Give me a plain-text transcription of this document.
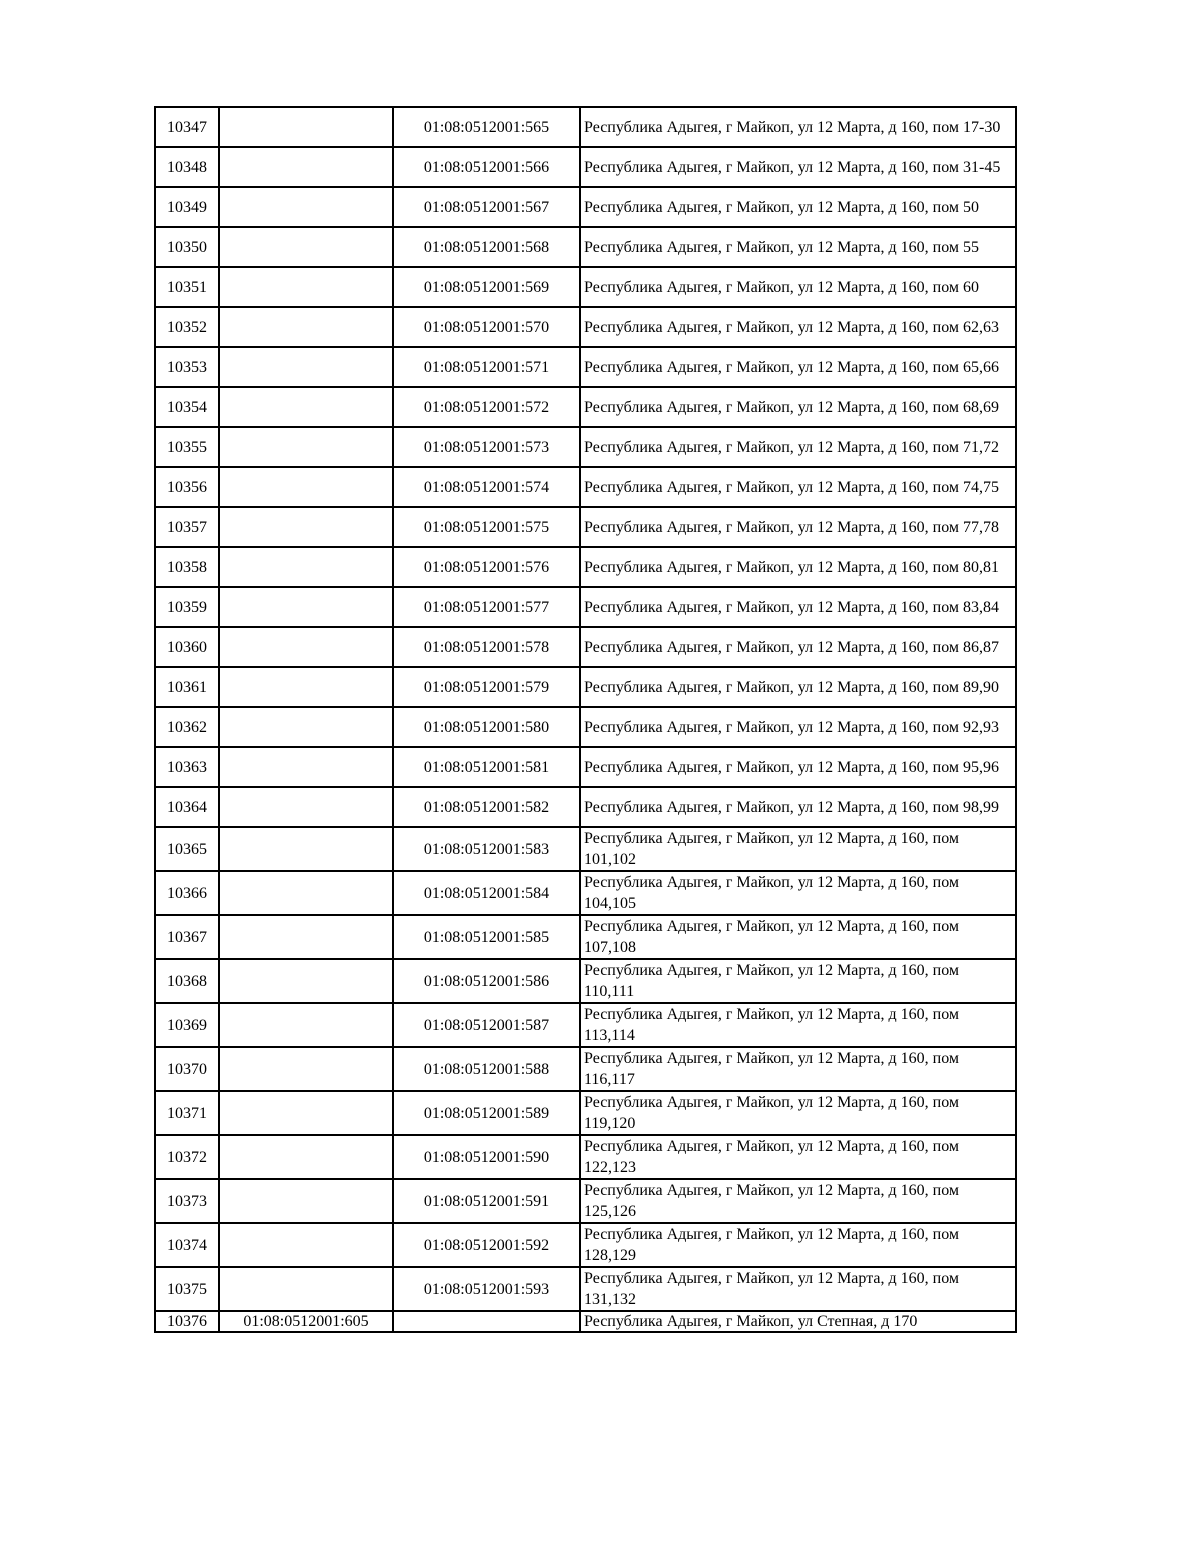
10347		01:08:0512001:565	Республика Адыгея, г Майкоп, ул 12 Марта, д 160, пом 17-30
10348		01:08:0512001:566	Республика Адыгея, г Майкоп, ул 12 Марта, д 160, пом 31-45
10349		01:08:0512001:567	Республика Адыгея, г Майкоп, ул 12 Марта, д 160, пом 50
10350		01:08:0512001:568	Республика Адыгея, г Майкоп, ул 12 Марта, д 160, пом 55
10351		01:08:0512001:569	Республика Адыгея, г Майкоп, ул 12 Марта, д 160, пом 60
10352		01:08:0512001:570	Республика Адыгея, г Майкоп, ул 12 Марта, д 160, пом 62,63
10353		01:08:0512001:571	Республика Адыгея, г Майкоп, ул 12 Марта, д 160, пом 65,66
10354		01:08:0512001:572	Республика Адыгея, г Майкоп, ул 12 Марта, д 160, пом 68,69
10355		01:08:0512001:573	Республика Адыгея, г Майкоп, ул 12 Марта, д 160, пом 71,72
10356		01:08:0512001:574	Республика Адыгея, г Майкоп, ул 12 Марта, д 160, пом 74,75
10357		01:08:0512001:575	Республика Адыгея, г Майкоп, ул 12 Марта, д 160, пом 77,78
10358		01:08:0512001:576	Республика Адыгея, г Майкоп, ул 12 Марта, д 160, пом 80,81
10359		01:08:0512001:577	Республика Адыгея, г Майкоп, ул 12 Марта, д 160, пом 83,84
10360		01:08:0512001:578	Республика Адыгея, г Майкоп, ул 12 Марта, д 160, пом 86,87
10361		01:08:0512001:579	Республика Адыгея, г Майкоп, ул 12 Марта, д 160, пом 89,90
10362		01:08:0512001:580	Республика Адыгея, г Майкоп, ул 12 Марта, д 160, пом 92,93
10363		01:08:0512001:581	Республика Адыгея, г Майкоп, ул 12 Марта, д 160, пом 95,96
10364		01:08:0512001:582	Республика Адыгея, г Майкоп, ул 12 Марта, д 160, пом 98,99
10365		01:08:0512001:583	Республика Адыгея, г Майкоп, ул 12 Марта, д 160, пом 101,102
10366		01:08:0512001:584	Республика Адыгея, г Майкоп, ул 12 Марта, д 160, пом 104,105
10367		01:08:0512001:585	Республика Адыгея, г Майкоп, ул 12 Марта, д 160, пом 107,108
10368		01:08:0512001:586	Республика Адыгея, г Майкоп, ул 12 Марта, д 160, пом 110,111
10369		01:08:0512001:587	Республика Адыгея, г Майкоп, ул 12 Марта, д 160, пом 113,114
10370		01:08:0512001:588	Республика Адыгея, г Майкоп, ул 12 Марта, д 160, пом 116,117
10371		01:08:0512001:589	Республика Адыгея, г Майкоп, ул 12 Марта, д 160, пом 119,120
10372		01:08:0512001:590	Республика Адыгея, г Майкоп, ул 12 Марта, д 160, пом 122,123
10373		01:08:0512001:591	Республика Адыгея, г Майкоп, ул 12 Марта, д 160, пом 125,126
10374		01:08:0512001:592	Республика Адыгея, г Майкоп, ул 12 Марта, д 160, пом 128,129
10375		01:08:0512001:593	Республика Адыгея, г Майкоп, ул 12 Марта, д 160, пом 131,132
10376	01:08:0512001:605		Республика Адыгея, г Майкоп, ул Степная, д 170
